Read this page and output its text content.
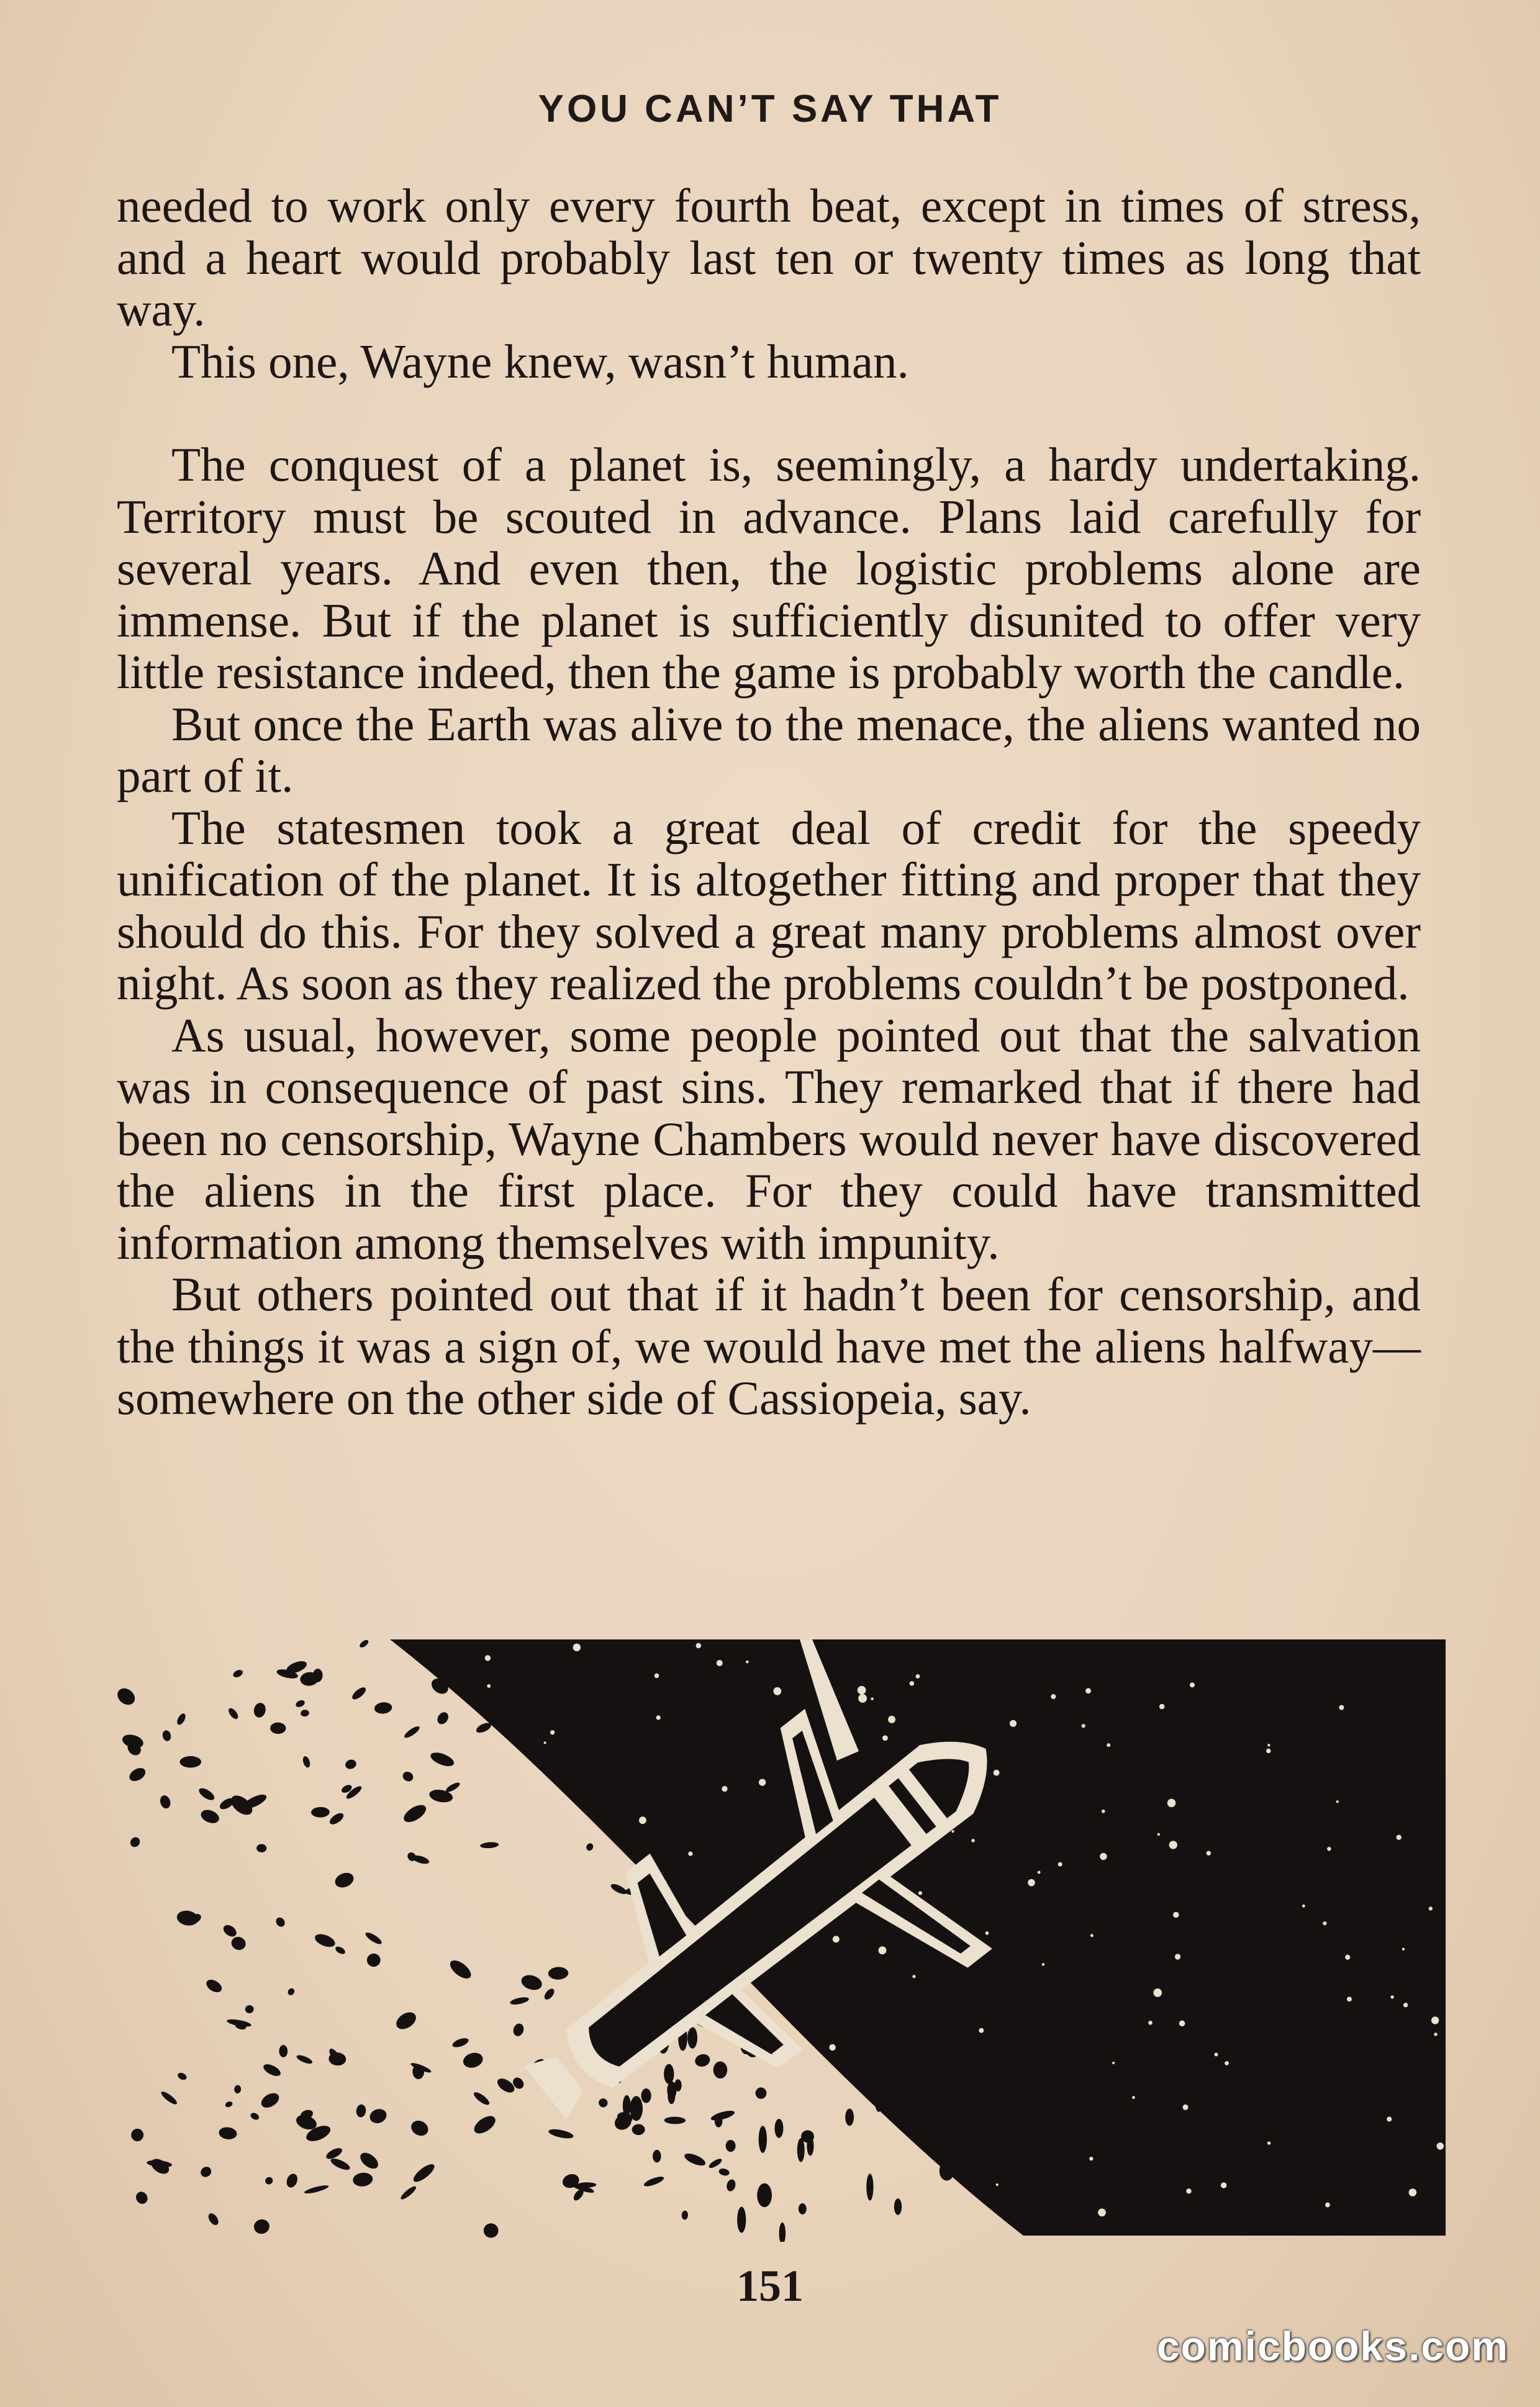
YOU CAN’T SAY THAT

needed to work only every fourth beat, except in times of stress, and a heart would probably last ten or twenty times as long that way.

This one, Wayne knew, wasn’t human.

The conquest of a planet is, seemingly, a hardy undertaking. Territory must be scouted in advance. Plans laid carefully for several years. And even then, the logistic problems alone are immense. But if the planet is sufficiently disunited to offer very little resistance indeed, then the game is probably worth the candle.

But once the Earth was alive to the menace, the aliens wanted no part of it.

The statesmen took a great deal of credit for the speedy unification of the planet. It is altogether fitting and proper that they should do this. For they solved a great many problems almost over night. As soon as they realized the problems couldn’t be postponed.

As usual, however, some people pointed out that the salvation was in consequence of past sins. They remarked that if there had been no censorship, Wayne Chambers would never have discovered the aliens in the first place. For they could have transmitted information among themselves with impunity.

But others pointed out that if it hadn’t been for censorship, and the things it was a sign of, we would have met the aliens halfway—somewhere on the other side of Cassiopeia, say.

151
comicbooks.com
